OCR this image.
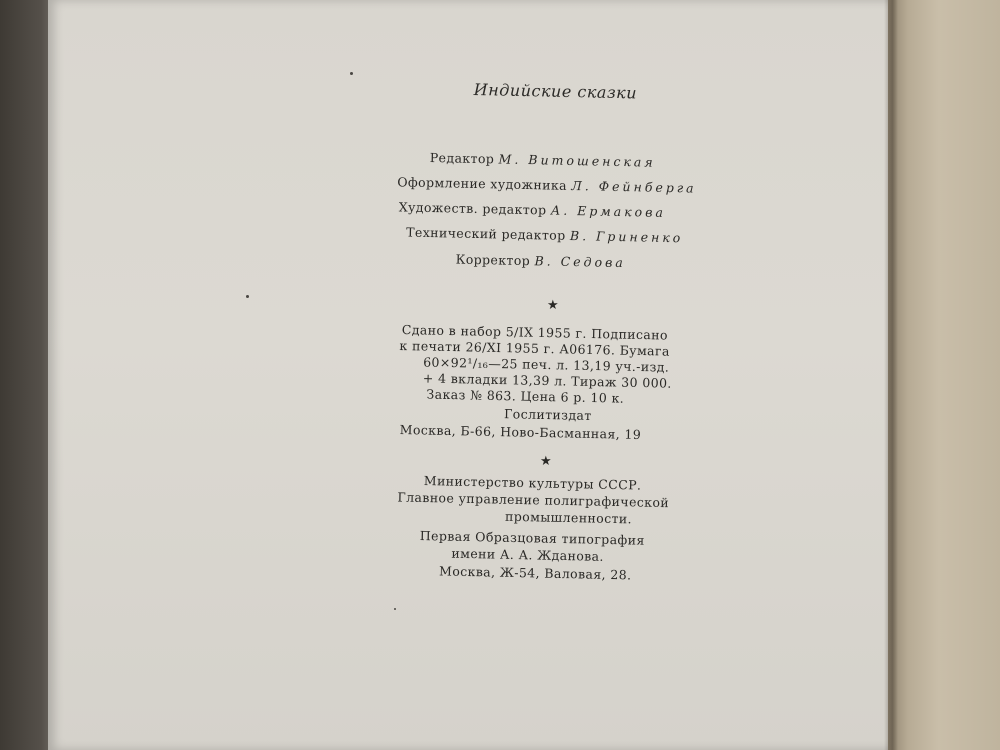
Индийские сказки
Редактор М. Витошенская
Оформление художника Л. Фейнберга
Художеств. редактор А. Ермакова
Технический редактор В. Гриненко
Корректор В. Седова
★
Сдано в набор 5/IX 1955 г. Подписано
к печати 26/XI 1955 г. А06176. Бумага
60×92¹/₁₆—25 печ. л. 13,19 уч.-изд.
+ 4 вкладки 13,39 л. Тираж 30 000.
Заказ № 863. Цена 6 р. 10 к.
Гослитиздат
Москва, Б-66, Ново-Басманная, 19
★
Министерство культуры СССР.
Главное управление полиграфической
промышленности.
Первая Образцовая типография
имени А. А. Жданова.
Москва, Ж-54, Валовая, 28.
